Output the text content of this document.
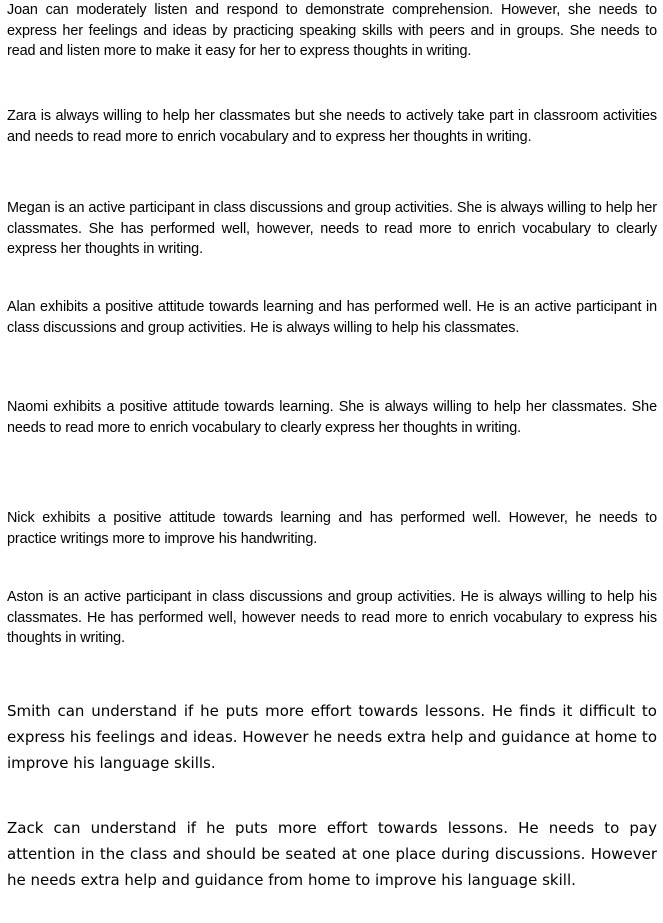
Joan can moderately listen and respond to demonstrate comprehension. However, she needs to express her feelings and ideas by practicing speaking skills with peers and in groups. She needs to read and listen more to make it easy for her to express thoughts in writing.

Zara is always willing to help her classmates but she needs to actively take part in classroom activities and needs to read more to enrich vocabulary and to express her thoughts in writing.

Megan is an active participant in class discussions and group activities. She is always willing to help her classmates. She has performed well, however, needs to read more to enrich vocabulary to clearly express her thoughts in writing.

Alan exhibits a positive attitude towards learning and has performed well. He is an active participant in class discussions and group activities. He is always willing to help his classmates.

Naomi exhibits a positive attitude towards learning. She is always willing to help her classmates. She needs to read more to enrich vocabulary to clearly express her thoughts in writing.

Nick exhibits a positive attitude towards learning and has performed well. However, he needs to practice writings more to improve his handwriting.

Aston is an active participant in class discussions and group activities. He is always willing to help his classmates. He has performed well, however needs to read more to enrich vocabulary to express his thoughts in writing.

Smith can understand if he puts more effort towards lessons. He finds it difficult to express his feelings and ideas. However he needs extra help and guidance at home to improve his language skills.

Zack can understand if he puts more effort towards lessons. He needs to pay attention in the class and should be seated at one place during discussions. However he needs extra help and guidance from home to improve his language skill.
